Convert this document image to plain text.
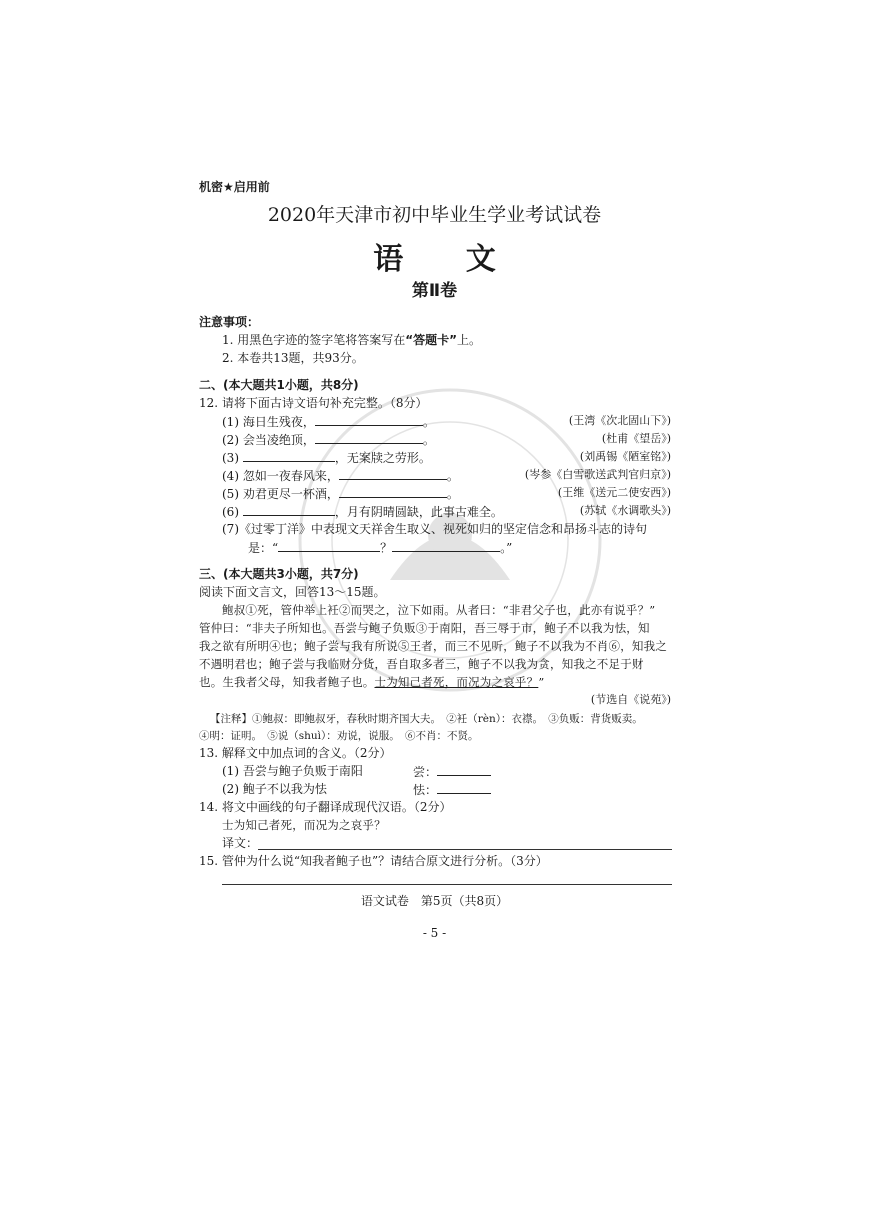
机密★启用前
2020年天津市初中毕业生学业考试试卷
语 文
第Ⅱ卷
注意事项：
1. 用黑色字迹的签字笔将答案写在“答题卡”上。
2. 本卷共13题，共93分。
二、(本大题共1小题，共8分)
12. 请将下面古诗文语句补充完整。（8分）
(1) 海日生残夜，	。	(王湾《次北固山下》)
(2) 会当凌绝顶，	。	(杜甫《望岳》)
(3)	，无案牍之劳形。	(刘禹锡《陋室铭》)
(4) 忽如一夜春风来，	。	(岑参《白雪歌送武判官归京》)
(5) 劝君更尽一杯酒，	。	(王维《送元二使安西》)
(6)	，月有阴晴圆缺，此事古难全。	(苏轼《水调歌头》)
(7)《过零丁洋》中表现文天祥舍生取义、视死如归的坚定信念和昂扬斗志的诗句
是：“	？	。”
三、(本大题共3小题，共7分)
阅读下面文言文，回答13～15题。
鲍叔①死，管仲举上衽②而哭之，泣下如雨。从者曰：“非君父子也，此亦有说乎？”
管仲曰：“非夫子所知也。吾尝与鲍子负贩③于南阳，吾三辱于市，鲍子不以我为怯，知
我之欲有所明④也；鲍子尝与我有所说⑤王者，而三不见听，鲍子不以我为不肖⑥，知我之
不遇明君也；鲍子尝与我临财分货，吾自取多者三，鲍子不以我为贪，知我之不足于财
也。生我者父母，知我者鲍子也。士为知己者死，而况为之哀乎？”
(节选自《说苑》)
【注释】①鲍叔：即鲍叔牙，春秋时期齐国大夫。　②衽（rèn）：衣襟。　③负贩：背货贩卖。
④明：证明。　⑤说（shuì）：劝说，说服。　⑥不肖：不贤。
13. 解释文中加点词的含义。（2分）
(1) 吾尝与鲍子负贩于南阳	尝：
(2) 鲍子不以我为怯	怯：
14. 将文中画线的句子翻译成现代汉语。（2分）
士为知己者死，而况为之哀乎？
译文：
15. 管仲为什么说“知我者鲍子也”？请结合原文进行分析。（3分）
语文试卷　第5页（共8页）
- 5 -
